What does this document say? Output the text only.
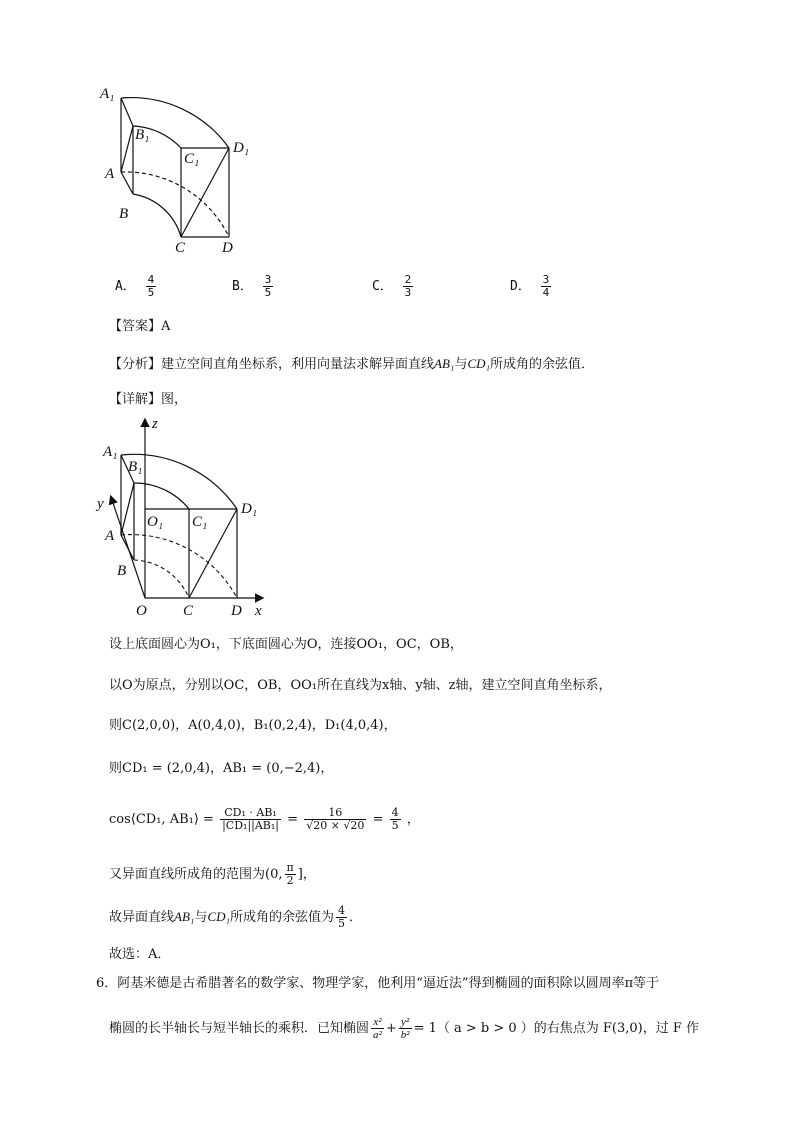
A₁
B₁
C₁
D₁
A
B
C D
A． $\frac{4}{5}$	B． $\frac{3}{5}$	C． $\frac{2}{3}$	D． $\frac{3}{4}$
【答案】A
【分析】建立空间直角坐标系，利用向量法求解异面直线AB₁与CD₁所成角的余弦值．
【详解】图，
z
A₁
B₁
y
O₁ C₁
D₁
A
B
O C	D x
设上底面圆心为O₁，下底面圆心为O，连接OO₁，OC，OB，
以O为原点，分别以OC，OB，OO₁所在直线为x轴、y轴、z轴，建立空间直角坐标系，
则C(2,0,0)，A(0,4,0)，B₁(0,2,4)，D₁(4,0,4)，
则CD₁ = (2,0,4)，AB₁ = (0,−2,4)，
cos⟨CD₁, AB₁⟩ = $\frac{\text{CD₁ · AB₁}}{\text{|CD₁||AB₁|}} = \frac{16}{√20 \times √20} = \frac{4}{5}$ ，
又异面直线所成角的范围为(0, $\frac{\pi}{2}$ ]，
故异面直线AB₁与CD₁所成角的余弦值为 $\frac{4}{5}$ ．
故选：A．
6．阿基米德是古希腊著名的数学家、物理学家，他利用“逼近法”得到椭圆的面积除以圆周率π等于
椭圆的长半轴长与短半轴长的乘积．已知椭圆 $\frac{\text{x²}}{\text{a²}} + \frac{\text{y²}}{\text{b²}} = 1$（ a > b > 0 ）的右焦点为 F(3,0)，过 F 作
